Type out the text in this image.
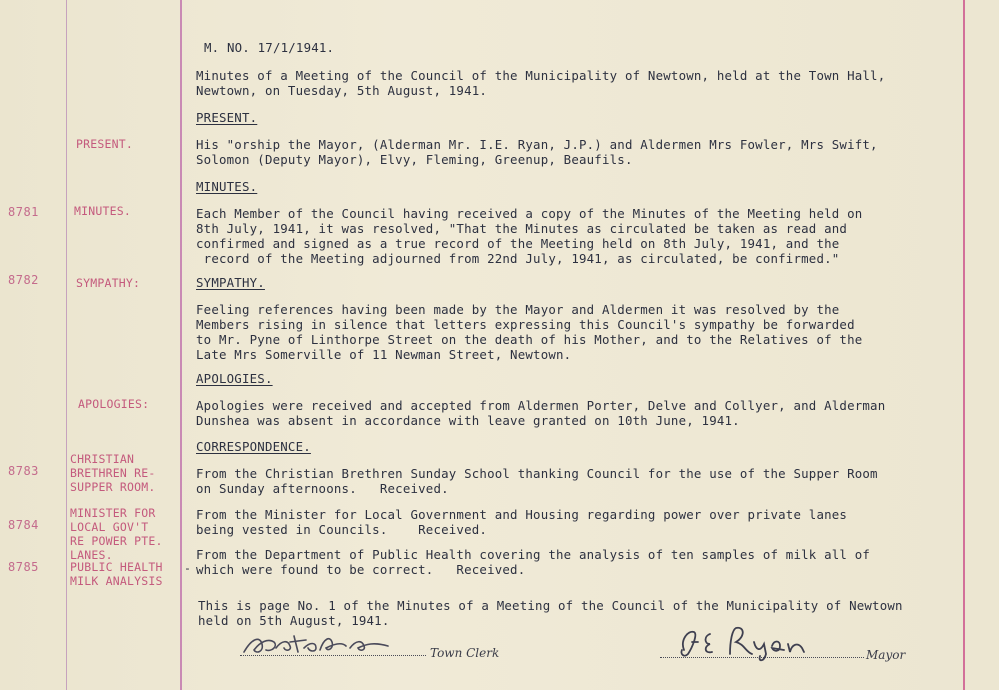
M. NO. 17/1/1941.
Minutes of a Meeting of the Council of the Municipality of Newtown, held at the Town Hall,
Newtown, on Tuesday, 5th August, 1941.
PRESENT.
PRESENT.	His "orship the Mayor, (Alderman Mr. I.E. Ryan, J.P.) and Aldermen Mrs Fowler, Mrs Swift,
Solomon (Deputy Mayor), Elvy, Fleming, Greenup, Beaufils.
MINUTES.
8781	MINUTES.	Each Member of the Council having received a copy of the Minutes of the Meeting held on
8th July, 1941, it was resolved, "That the Minutes as circulated be taken as read and
confirmed and signed as a true record of the Meeting held on 8th July, 1941, and the
record of the Meeting adjourned from 22nd July, 1941, as circulated, be confirmed."
SYMPATHY.
8782	SYMPATHY:
Feeling references having been made by the Mayor and Aldermen it was resolved by the
Members rising in silence that letters expressing this Council's sympathy be forwarded
to Mr. Pyne of Linthorpe Street on the death of his Mother, and to the Relatives of the
Late Mrs Somerville of 11 Newman Street, Newtown.
APOLOGIES.
APOLOGIES:	Apologies were received and accepted from Aldermen Porter, Delve and Collyer, and Alderman
Dunshea was absent in accordance with leave granted on 10th June, 1941.
CORRESPONDENCE.
8783
CHRISTIAN
BRETHREN RE-
SUPPER ROOM.
From the Christian Brethren Sunday School thanking Council for the use of the Supper Room
on Sunday afternoons.   Received.
8784
MINISTER FOR
LOCAL GOV'T
RE POWER PTE.
LANES.
From the Minister for Local Government and Housing regarding power over private lanes
being vested in Councils.    Received.
8785	PUBLIC HEALTH
MILK ANALYSIS
-
From the Department of Public Health covering the analysis of ten samples of milk all of
which were found to be correct.   Received.
This is page No. 1 of the Minutes of a Meeting of the Council of the Municipality of Newtown
held on 5th August, 1941.
Town Clerk	Mayor
